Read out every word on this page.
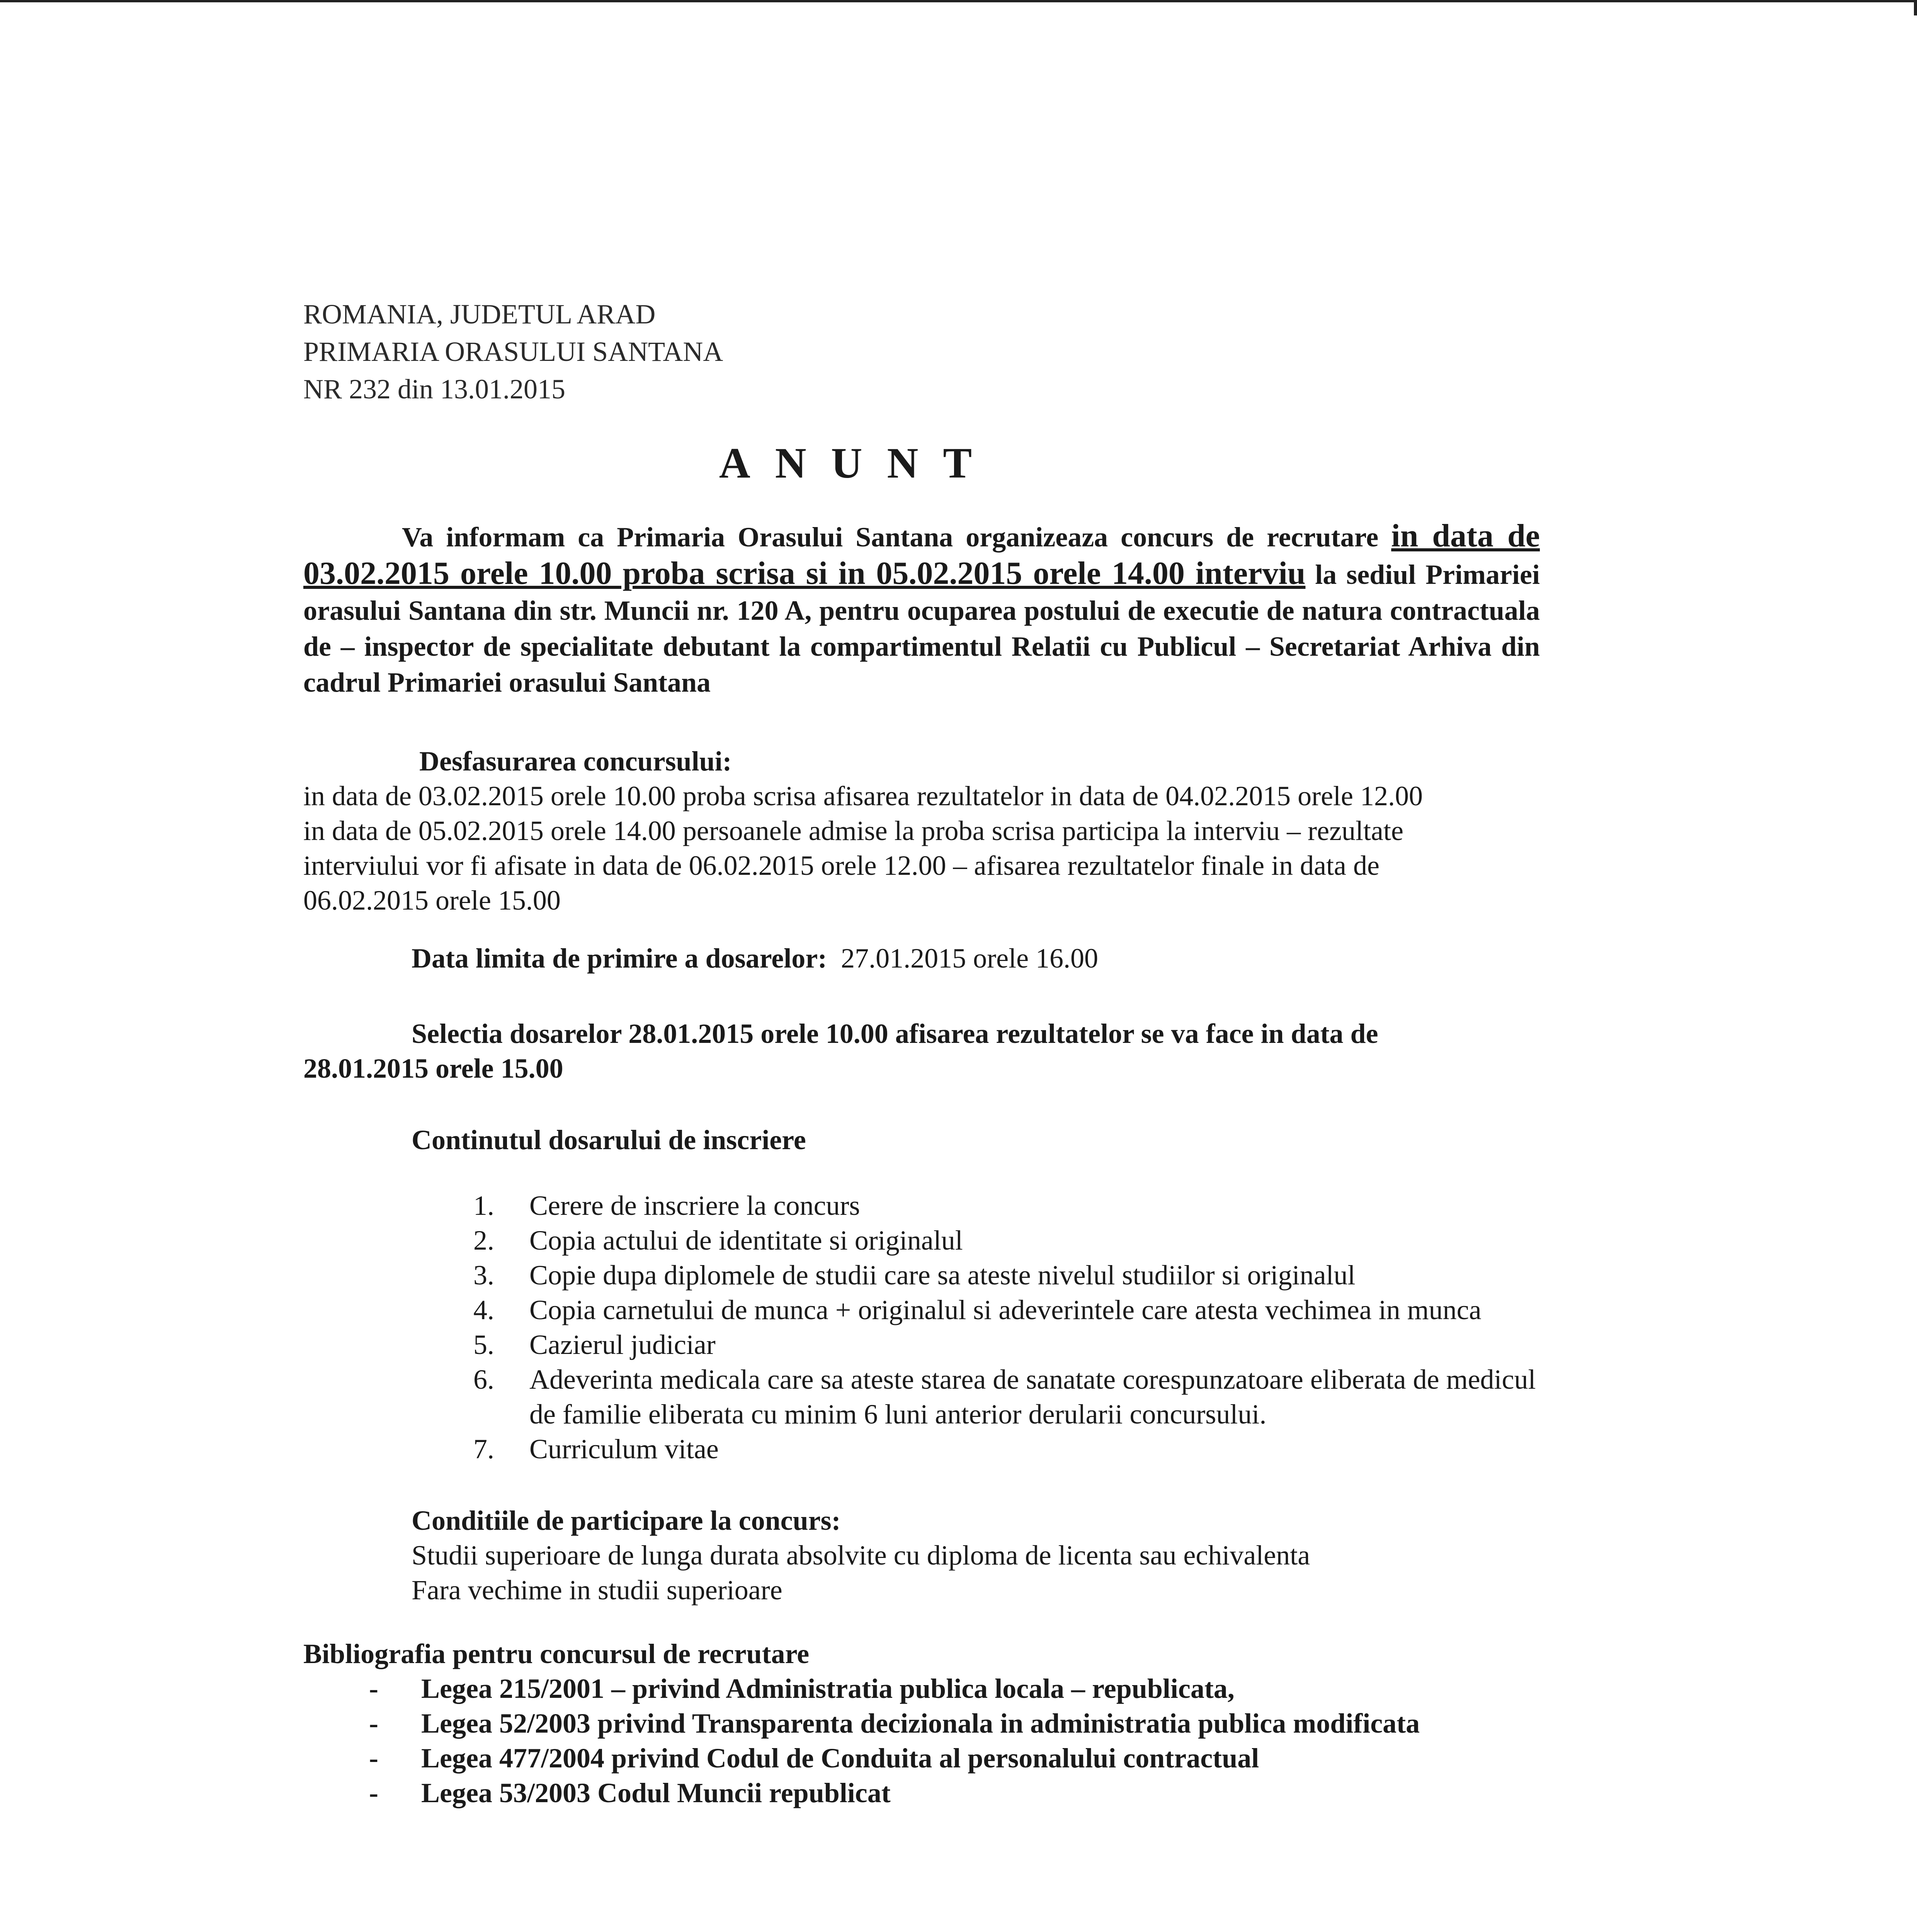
ROMANIA, JUDETUL ARAD
PRIMARIA ORASULUI SANTANA
NR 232 din 13.01.2015
ANUNT

Va informam ca Primaria Orasului Santana organizeaza concurs de recrutare in data de 03.02.2015 orele 10.00 proba scrisa si in 05.02.2015 orele 14.00 interviu la sediul Primariei orasului Santana din str. Muncii nr. 120 A, pentru ocuparea postului de executie de natura contractuala de – inspector de specialitate debutant la compartimentul Relatii cu Publicul – Secretariat Arhiva din cadrul Primariei orasului Santana

Desfasurarea concursului:
in data de 03.02.2015 orele 10.00 proba scrisa afisarea rezultatelor in data de 04.02.2015 orele 12.00
in data de 05.02.2015 orele 14.00 persoanele admise la proba scrisa participa la interviu – rezultate
interviului vor fi afisate in data de 06.02.2015 orele 12.00 – afisarea rezultatelor finale in data de
06.02.2015 orele 15.00
Data limita de primire a dosarelor: 27.01.2015 orele 16.00
Selectia dosarelor 28.01.2015 orele 10.00 afisarea rezultatelor se va face in data de
28.01.2015 orele 15.00
Continutul dosarului de inscriere
1. Cerere de inscriere la concurs
2. Copia actului de identitate si originalul
3. Copie dupa diplomele de studii care sa ateste nivelul studiilor si originalul
4. Copia carnetului de munca + originalul si adeverintele care atesta vechimea in munca
5. Cazierul judiciar
6. Adeverinta medicala care sa ateste starea de sanatate corespunzatoare eliberata de medicul de familie eliberata cu minim 6 luni anterior derularii concursului.
7. Curriculum vitae
Conditiile de participare la concurs:
Studii superioare de lunga durata absolvite cu diploma de licenta sau echivalenta
Fara vechime in studii superioare
Bibliografia pentru concursul de recrutare
- Legea 215/2001 – privind Administratia publica locala – republicata,
- Legea 52/2003 privind Transparenta decizionala in administratia publica modificata
- Legea 477/2004 privind Codul de Conduita al personalului contractual
- Legea 53/2003 Codul Muncii republicat
